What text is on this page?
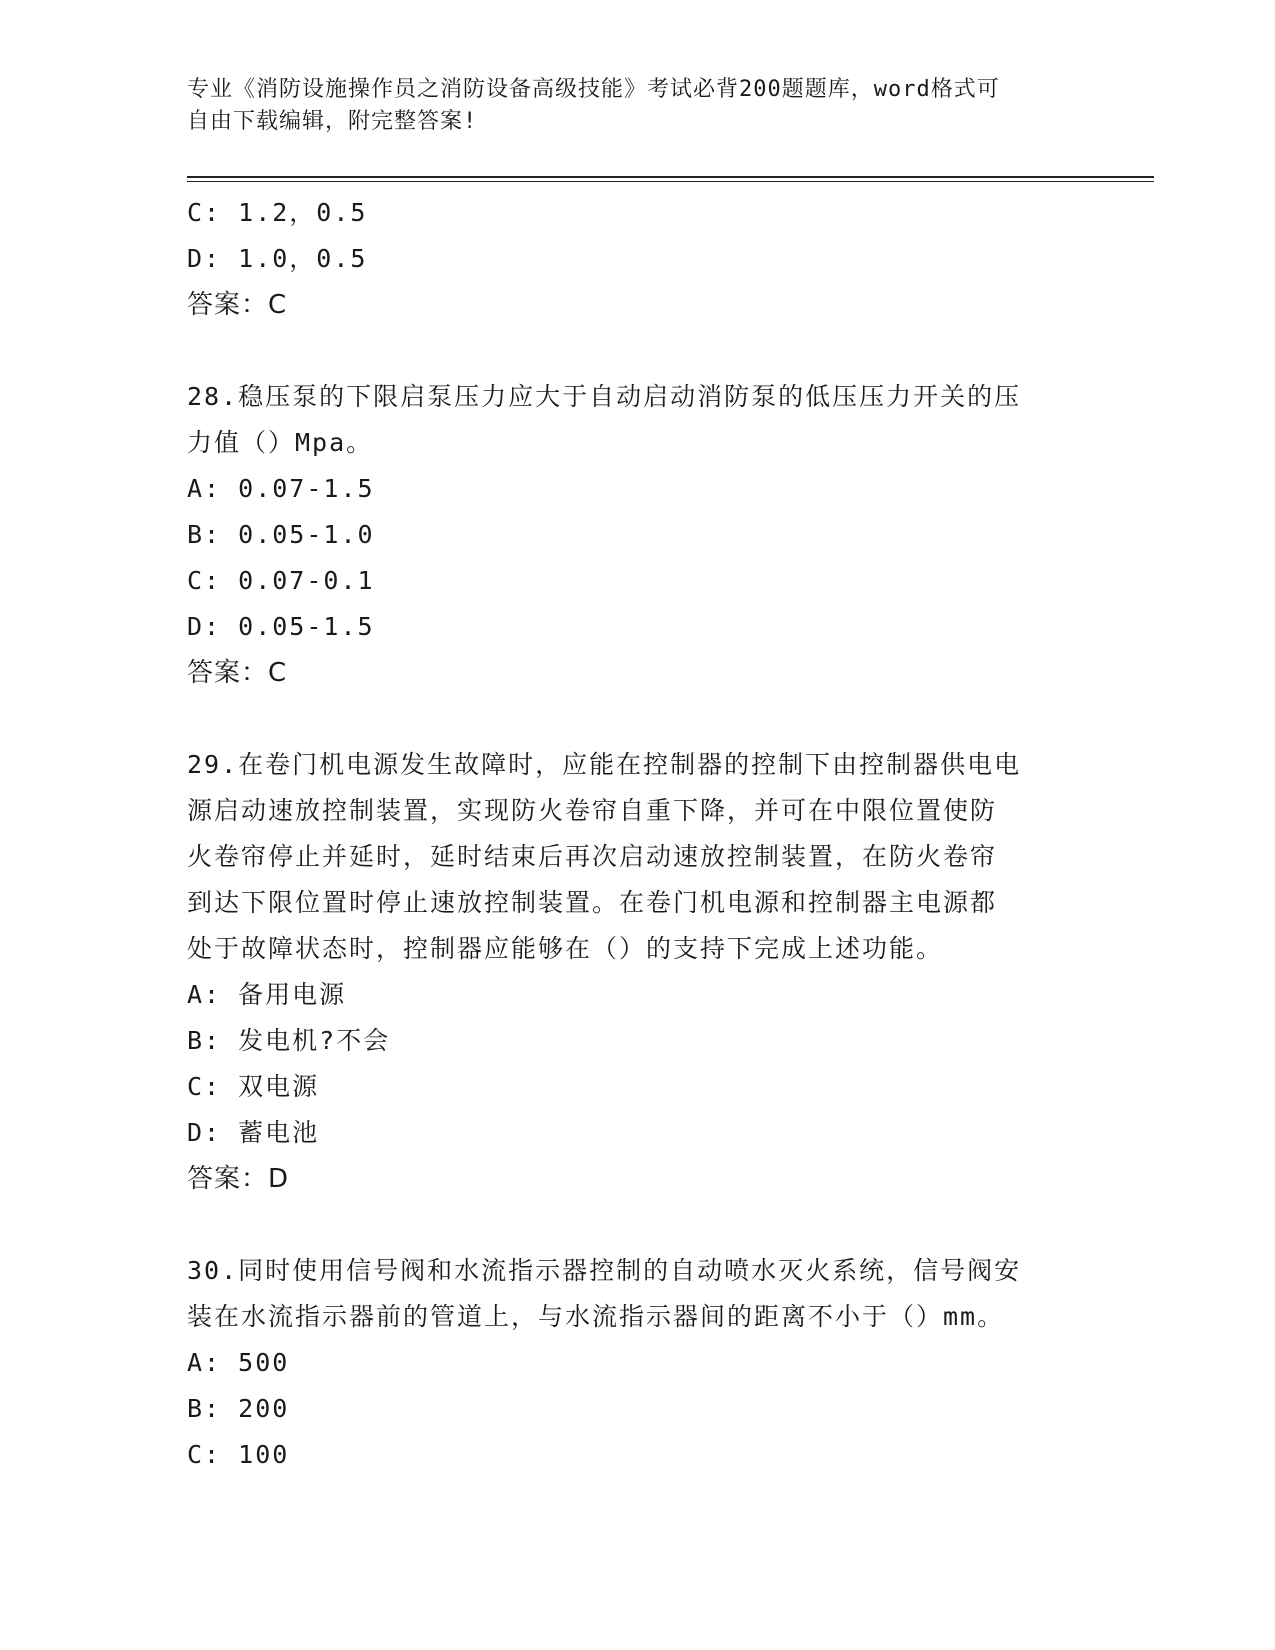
专业《消防设施操作员之消防设备高级技能》考试必背200题题库，word格式可
自由下载编辑，附完整答案!
C: 1.2，0.5
D: 1.0，0.5
答案：C
28.稳压泵的下限启泵压力应大于自动启动消防泵的低压压力开关的压
力值（）Mpa。
A: 0.07-1.5
B: 0.05-1.0
C: 0.07-0.1
D: 0.05-1.5
答案：C
29.在卷门机电源发生故障时，应能在控制器的控制下由控制器供电电
源启动速放控制装置，实现防火卷帘自重下降，并可在中限位置使防
火卷帘停止并延时，延时结束后再次启动速放控制装置，在防火卷帘
到达下限位置时停止速放控制装置。在卷门机电源和控制器主电源都
处于故障状态时，控制器应能够在（）的支持下完成上述功能。
A: 备用电源
B: 发电机?不会
C: 双电源
D: 蓄电池
答案：D
30.同时使用信号阀和水流指示器控制的自动喷水灭火系统，信号阀安
装在水流指示器前的管道上，与水流指示器间的距离不小于（）mm。
A: 500
B: 200
C: 100
